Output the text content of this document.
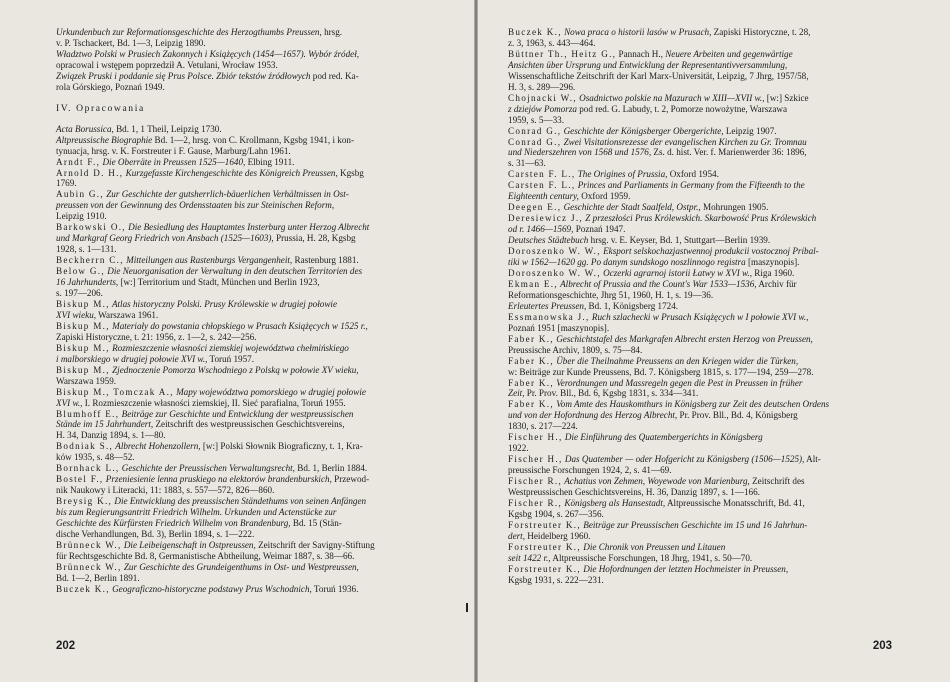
Urkundenbuch zur Reformationsgeschichte des Herzogthumbs Preussen, hrsg.

v. P. Tschackert, Bd. 1—3, Leipzig 1890.

Władztwo Polski w Prusiech Zakonnych i Książęcych (1454—1657). Wybór źródeł,

opracowal i wstępem poprzedził A. Vetulani, Wrocław 1953.

Związek Pruski i poddanie się Prus Polsce. Zbiór tekstów źródłowych pod red. Ka-

rola Górskiego, Poznań 1949.

IV. Opracowania

Acta Borussica, Bd. 1, 1 Theil, Leipzig 1730.

Altpreussische Biographie Bd. 1—2, hrsg. von C. Krollmann, Kgsbg 1941, i kon-

tynuacja, hrsg. v. K. Forstreuter i F. Gause, Marburg/Lahn 1961.

Arndt F., Die Oberräte in Preussen 1525—1640, Elbing 1911.

Arnold D. H., Kurzgefasste Kirchengeschichte des Königreich Preussen, Kgsbg

1769.

Aubin G., Zur Geschichte der gutsherrlich-bäuerlichen Verhältnissen in Ost-

preussen von der Gewinnung des Ordensstaaten bis zur Steinischen Reform,

Leipzig 1910.

Barkowski O., Die Besiedlung des Hauptamtes Insterburg unter Herzog Albrecht

und Markgraf Georg Friedrich von Ansbach (1525—1603), Prussia, H. 28, Kgsbg

1928, s. 1—131.

Beckherrn C., Mitteilungen aus Rastenburgs Vergangenheit, Rastenburg 1881.

Below G., Die Neuorganisation der Verwaltung in den deutschen Territorien des

16 Jahrhunderts, [w:] Territorium und Stadt, München und Berlin 1923,

s. 197—206.

Biskup M., Atlas historyczny Polski. Prusy Królewskie w drugiej połowie

XVI wieku, Warszawa 1961.

Biskup M., Materiały do powstania chłopskiego w Prusach Książęcych w 1525 r.,

Zapiski Historyczne, t. 21: 1956, z. 1—2, s. 242—256.

Biskup M., Rozmieszczenie własności ziemskiej województwa chełmińskiego

i malborskiego w drugiej połowie XVI w., Toruń 1957.

Biskup M., Zjednoczenie Pomorza Wschodniego z Polską w połowie XV wieku,

Warszawa 1959.

Biskup M., Tomczak A., Mapy województwa pomorskiego w drugiej połowie

XVI w., I. Rozmieszczenie własności ziemskiej, II. Sieć parafialna, Toruń 1955.

Blumhoff E., Beiträge zur Geschichte und Entwicklung der westpreussischen

Stände im 15 Jahrhundert, Zeitschrift des westpreussischen Geschichtsvereins,

H. 34, Danzig 1894, s. 1—80.

Bodniak S., Albrecht Hohenzollern, [w:] Polski Słownik Biograficzny, t. 1, Kra-

ków 1935, s. 48—52.

Bornhack L., Geschichte der Preussischen Verwaltungsrecht, Bd. 1, Berlin 1884.

Bostel F., Przeniesienie lenna pruskiego na elektorów brandenburskich, Przewod-

nik Naukowy i Literacki, 11: 1883, s. 557—572, 826—860.

Breysig K., Die Entwicklung des preussischen Ständethums von seinen Anfängen

bis zum Regierungsantritt Friedrich Wilhelm. Urkunden und Actenstücke zur

Geschichte des Kürfürsten Friedrich Wilhelm von Brandenburg, Bd. 15 (Stän-

dische Verhandlungen, Bd. 3), Berlin 1894, s. 1—222.

Brünneck W., Die Leibeigenschaft in Ostpreussen, Zeitschrift der Savigny-Stiftung

für Rechtsgeschichte Bd. 8, Germanistische Abtheilung, Weimar 1887, s. 38—66.

Brünneck W., Zur Geschichte des Grundeigenthums in Ost- und Westpreussen,

Bd. 1—2, Berlin 1891.

Buczek K., Geograficzno-historyczne podstawy Prus Wschodnich, Toruń 1936.

202

Buczek K., Nowa praca o historii lasów w Prusach, Zapiski Historyczne, t. 28,

z. 3, 1963, s. 443—464.

Büttner Th., Heitz G., Pannach H., Neuere Arbeiten und gegenwärtige

Ansichten über Ursprung und Entwicklung der Representantivversammlung,

Wissenschaftliche Zeitschrift der Karl Marx-Universität, Leipzig, 7 Jhrg, 1957/58,

H. 3, s. 289—296.

Chojnacki W., Osadnictwo polskie na Mazurach w XIII—XVII w., [w:] Szkice

z dziejów Pomorza pod red. G. Labudy, t. 2, Pomorze nowożytne, Warszawa

1959, s. 5—33.

Conrad G., Geschichte der Königsberger Obergerichte, Leipzig 1907.

Conrad G., Zwei Visitationsrezesse der evangelischen Kirchen zu Gr. Tromnau

und Niederszehren von 1568 und 1576, Zs. d. hist. Ver. f. Marienwerder 36: 1896,

s. 31—63.

Carsten F. L., The Origines of Prussia, Oxford 1954.

Carsten F. L., Princes and Parliaments in Germany from the Fifteenth to the

Eighteenth century, Oxford 1959.

Deegen E., Geschichte der Stadt Saalfeld, Ostpr., Mohrungen 1905.

Deresiewicz J., Z przeszłości Prus Królewskich. Skarbowość Prus Królewskich

od r. 1466—1569, Poznań 1947.

Deutsches Städtebuch hrsg. v. E. Keyser, Bd. 1, Stuttgart—Berlin 1939.

Doroszenko W. W., Eksport selskochazjastwennoj produkcii vostocznoj Pribal-

tiki w 1562—1620 gg. Po danym sundskogo noszlinnogo registra [maszynopis].

Doroszenko W. W., Oczerki agrarnoj istorii Łatwy w XVI w., Riga 1960.

Ekman E., Albrecht of Prussia and the Count's War 1533—1536, Archiv für

Reformationsgeschichte, Jhrg 51, 1960, H. 1, s. 19—36.

Erleutertes Preussen, Bd. 1, Königsberg 1724.

Essmanowska J., Ruch szlachecki w Prusach Książęcych w I połowie XVI w.,

Poznań 1951 [maszynopis].

Faber K., Geschichtstafel des Markgrafen Albrecht ersten Herzog von Preussen,

Preussische Archiv, 1809, s. 75—84.

Faber K., Über die Theilnahme Preussens an den Kriegen wider die Türken,

w: Beiträge zur Kunde Preussens, Bd. 7. Königsberg 1815, s. 177—194, 259—278.

Faber K., Verordnungen und Massregeln gegen die Pest in Preussen in früher

Zeit, Pr. Prov. Bll., Bd. 6, Kgsbg 1831, s. 334—341.

Faber K., Vom Amte des Hauskomthurs in Königsberg zur Zeit des deutschen Ordens

und von der Hofordnung des Herzog Albrecht, Pr. Prov. Bll., Bd. 4, Königsberg

1830, s. 217—224.

Fischer H., Die Einführung des Quatembergerichts in Königsberg

1922.

Fischer H., Das Quatember — oder Hofgericht zu Königsberg (1506—1525), Alt-

preussische Forschungen 1924, 2, s. 41—69.

Fischer R., Achatius von Zehmen, Woyewode von Marienburg, Zeitschrift des

Westpreussischen Geschichtsvereins, H. 36, Danzig 1897, s. 1—166.

Fischer R., Königsberg als Hansestadt, Altpreussische Monatsschrift, Bd. 41,

Kgsbg 1904, s. 267—356.

Forstreuter K., Beiträge zur Preussischen Geschichte im 15 und 16 Jahrhun-

dert, Heidelberg 1960.

Forstreuter K., Die Chronik von Preussen und Litauen

seit 1422 r., Altpreussische Forschungen, 18 Jhrg, 1941, s. 50—70.

Forstreuter K., Die Hofordnungen der letzten Hochmeister in Preussen,

Kgsbg 1931, s. 222—231.

203
